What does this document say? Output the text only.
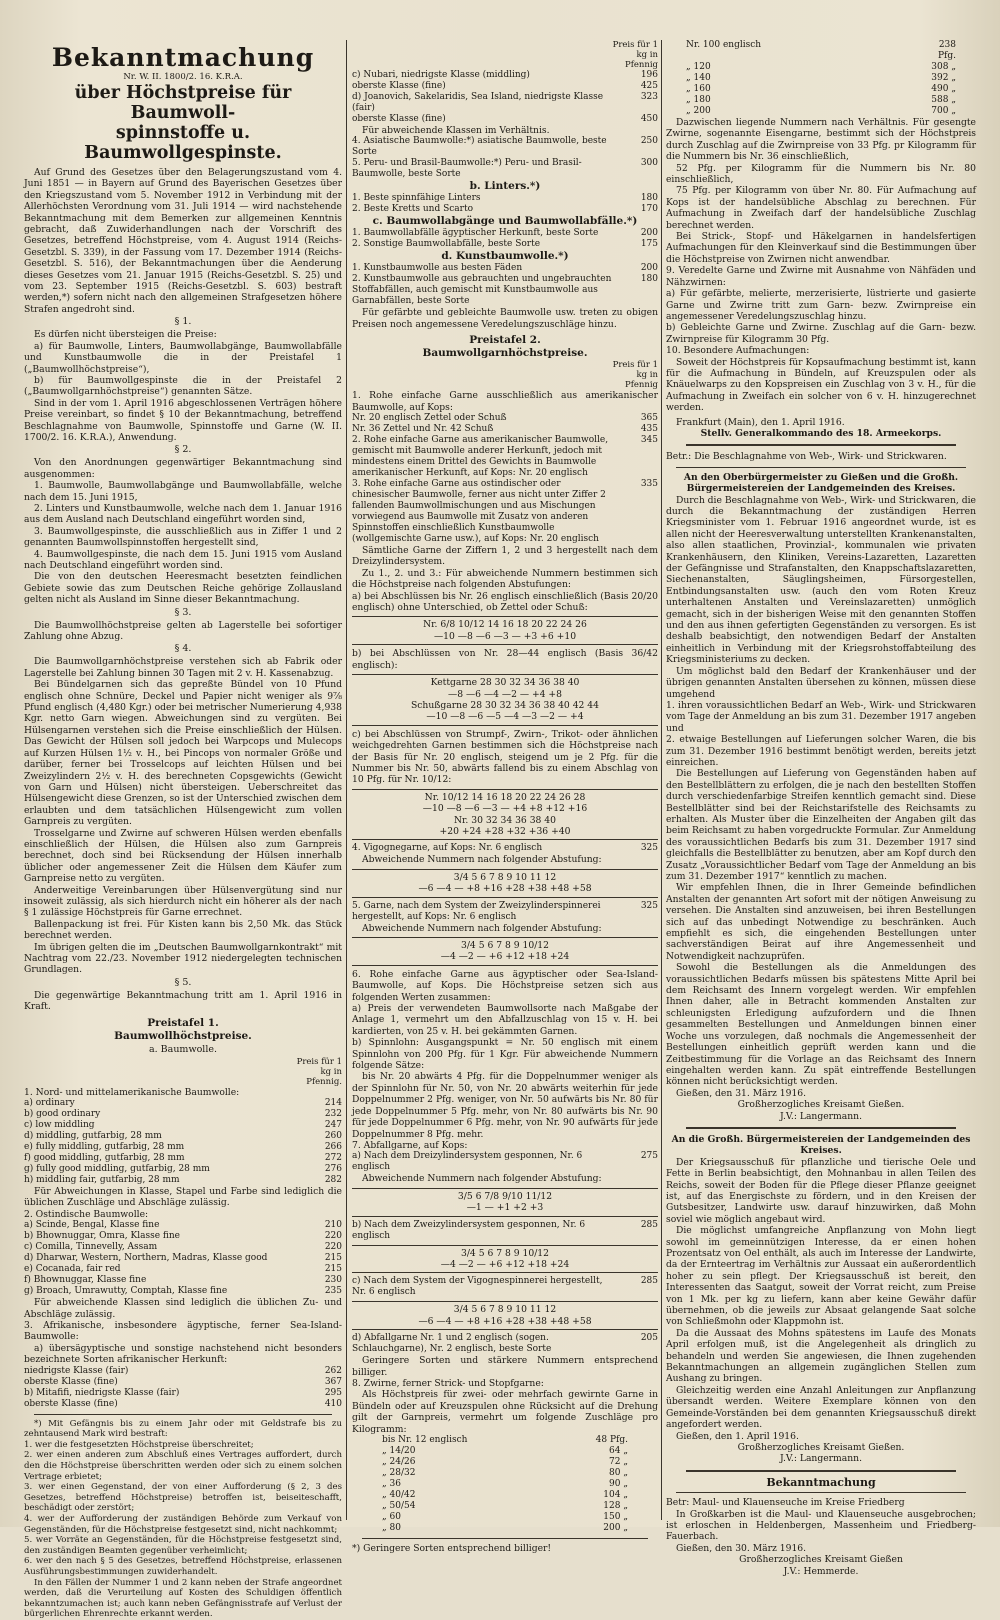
Bekanntmachung
Nr. W. II. 1800/2. 16. K.R.A.
über Höchstpreise für Baumwoll-
spinnstoffe u. Baumwollgespinste.

Auf Grund des Gesetzes über den Belagerungszustand vom 4. Juni 1851 — in Bayern auf Grund des Bayerischen Gesetzes über den Kriegszustand vom 5. November 1912 in Verbindung mit der Allerhöchsten Verordnung vom 31. Juli 1914 — wird nachstehende Bekanntmachung mit dem Bemerken zur allgemeinen Kenntnis gebracht, daß Zuwiderhandlungen nach der Vorschrift des Gesetzes, betreffend Höchstpreise, vom 4. August 1914 (Reichs-Gesetzbl. S. 339), in der Fassung vom 17. Dezember 1914 (Reichs-Gesetzbl. S. 516), der Bekanntmachungen über die Aenderung dieses Gesetzes vom 21. Januar 1915 (Reichs-Gesetzbl. S. 25) und vom 23. September 1915 (Reichs-Gesetzbl. S. 603) bestraft werden,*) sofern nicht nach den allgemeinen Strafgesetzen höhere Strafen angedroht sind.

§ 1.

Es dürfen nicht übersteigen die Preise:

a) für Baumwolle, Linters, Baumwollabgänge, Baumwollabfälle und Kunstbaumwolle die in der Preistafel 1 („Baumwollhöchstpreise“),

b) für Baumwollgespinste die in der Preistafel 2 („Baumwollgarnhöchstpreise“) genannten Sätze.

Sind in der vom 1. April 1916 abgeschlossenen Verträgen höhere Preise vereinbart, so findet § 10 der Bekanntmachung, betreffend Beschlagnahme von Baumwolle, Spinnstoffe und Garne (W. II. 1700/2. 16. K.R.A.), Anwendung.

§ 2.

Von den Anordnungen gegenwärtiger Bekanntmachung sind ausgenommen:

1. Baumwolle, Baumwollabgänge und Baumwollabfälle, welche nach dem 15. Juni 1915,

2. Linters und Kunstbaumwolle, welche nach dem 1. Januar 1916 aus dem Ausland nach Deutschland eingeführt worden sind,

3. Baumwollgespinste, die ausschließlich aus in Ziffer 1 und 2 genannten Baumwollspinnstoffen hergestellt sind,

4. Baumwollgespinste, die nach dem 15. Juni 1915 vom Ausland nach Deutschland eingeführt worden sind.

Die von den deutschen Heeresmacht besetzten feindlichen Gebiete sowie das zum Deutschen Reiche gehörige Zollausland gelten nicht als Ausland im Sinne dieser Bekanntmachung.

§ 3.

Die Baumwollhöchstpreise gelten ab Lagerstelle bei sofortiger Zahlung ohne Abzug.

§ 4.

Die Baumwollgarnhöchstpreise verstehen sich ab Fabrik oder Lagerstelle bei Zahlung binnen 30 Tagen mit 2 v. H. Kassenabzug.

Bei Bündelgarnen sich das gepreßte Bündel von 10 Pfund englisch ohne Schnüre, Deckel und Papier nicht weniger als 9⅞ Pfund englisch (4,480 Kgr.) oder bei metrischer Numerierung 4,938 Kgr. netto Garn wiegen. Abweichungen sind zu vergüten. Bei Hülsengarnen verstehen sich die Preise einschließlich der Hülsen. Das Gewicht der Hülsen soll jedoch bei Warpcops und Mulecops auf Kurzen Hülsen 1½ v. H., bei Pincops von normaler Größe und darüber, ferner bei Trosselcops auf leichten Hülsen und bei Zweizylindern 2½ v. H. des berechneten Copsgewichts (Gewicht von Garn und Hülsen) nicht übersteigen. Ueberschreitet das Hülsengewicht diese Grenzen, so ist der Unterschied zwischen dem erlaubten und dem tatsächlichen Hülsengewicht zum vollen Garnpreis zu vergüten.

Trosselgarne und Zwirne auf schweren Hülsen werden ebenfalls einschließlich der Hülsen, die Hülsen also zum Garnpreis berechnet, doch sind bei Rücksendung der Hülsen innerhalb üblicher oder angemessener Zeit die Hülsen dem Käufer zum Garnpreise netto zu vergüten.

Anderweitige Vereinbarungen über Hülsenvergütung sind nur insoweit zulässig, als sich hierdurch nicht ein höherer als der nach § 1 zulässige Höchstpreis für Garne errechnet.

Ballenpackung ist frei. Für Kisten kann bis 2,50 Mk. das Stück berechnet werden.

Im übrigen gelten die im „Deutschen Baumwollgarnkontrakt“ mit Nachtrag vom 22./23. November 1912 niedergelegten technischen Grundlagen.

§ 5.

Die gegenwärtige Bekanntmachung tritt am 1. April 1916 in Kraft.

Preistafel 1.
Baumwollhöchstpreise.
a. Baumwolle.
Preis für 1 kg in Pfennig.

1. Nord- und mittelamerikanische Baumwolle:

a) ordinary	214
b) good ordinary	232
c) low middling	247
d) middling, gutfarbig, 28 mm	260
e) fully middling, gutfarbig, 28 mm	266
f) good middling, gutfarbig, 28 mm	272
g) fully good middling, gutfarbig, 28 mm	276
h) middling fair, gutfarbig, 28 mm	282

Für Abweichungen in Klasse, Stapel und Farbe sind lediglich die üblichen Zuschläge und Abschläge zulässig.

2. Ostindische Baumwolle:

a) Scinde, Bengal, Klasse fine	210
b) Bhownuggar, Omra, Klasse fine	220
c) Comilla, Tinnevelly, Assam	220
d) Dharwar, Western, Northern, Madras, Klasse good	215
e) Cocanada, fair red	215
f) Bhownuggar, Klasse fine	230
g) Broach, Umrawutty, Comptah, Klasse fine	235

Für abweichende Klassen sind lediglich die üblichen Zu- und Abschläge zulässig.

3. Afrikanische, insbesondere ägyptische, ferner Sea-Island-Baumwolle:

a) übersägyptische und sonstige nachstehend nicht besonders bezeichnete Sorten afrikanischer Herkunft:

niedrigste Klasse (fair)	262
oberste Klasse (fine)	367
b) Mitafifi, niedrigste Klasse (fair)	295
oberste Klasse (fine)	410

*) Mit Gefängnis bis zu einem Jahr oder mit Geldstrafe bis zu zehntausend Mark wird bestraft:

1. wer die festgesetzten Höchstpreise überschreitet;

2. wer einen anderen zum Abschluß eines Vertrages auffordert, durch den die Höchstpreise überschritten werden oder sich zu einem solchen Vertrage erbietet;

3. wer einen Gegenstand, der von einer Aufforderung (§ 2, 3 des Gesetzes, betreffend Höchstpreise) betroffen ist, beiseiteschafft, beschädigt oder zerstört;

4. wer der Aufforderung der zuständigen Behörde zum Verkauf von Gegenständen, für die Höchstpreise festgesetzt sind, nicht nachkommt;

5. wer Vorräte an Gegenständen, für die Höchstpreise festgesetzt sind, den zuständigen Beamten gegenüber verheimlicht;

6. wer den nach § 5 des Gesetzes, betreffend Höchstpreise, erlassenen Ausführungsbestimmungen zuwiderhandelt.

In den Fällen der Nummer 1 und 2 kann neben der Strafe angeordnet werden, daß die Verurteilung auf Kosten des Schuldigen öffentlich bekanntzumachen ist; auch kann neben Gefängnisstrafe auf Verlust der bürgerlichen Ehrenrechte erkannt werden.

Preis für 1 kg in Pfennig
c) Nubari, niedrigste Klasse (middling)	196
oberste Klasse (fine)	425
d) Joanovich, Sakelaridis, Sea Island, niedrigste Klasse (fair)
323
oberste Klasse (fine)	450

Für abweichende Klassen im Verhältnis.

4. Asiatische Baumwolle:*) asiatische Baumwolle, beste Sorte
250
5. Peru- und Brasil-Baumwolle:*) Peru- und Brasil-Baumwolle, beste Sorte
300
b. Linters.*)
1. Beste spinnfähige Linters	180
2. Beste Kretts und Scarto	170
c. Baumwollabgänge und Baumwollabfälle.*)
1. Baumwollabfälle ägyptischer Herkunft, beste Sorte	200
2. Sonstige Baumwollabfälle, beste Sorte	175
d. Kunstbaumwolle.*)
1. Kunstbaumwolle aus besten Fäden	200
2. Kunstbaumwolle aus gebrauchten und ungebrauchten Stoffabfällen, auch gemischt mit Kunstbaumwolle aus Garnabfällen, beste Sorte
180

Für gefärbte und gebleichte Baumwolle usw. treten zu obigen Preisen noch angemessene Veredelungszuschläge hinzu.

Preistafel 2.
Baumwollgarnhöchstpreise.
Preis für 1 kg in Pfennig

1. Rohe einfache Garne ausschließlich aus amerikanischer Baumwolle, auf Kops:

Nr. 20 englisch Zettel oder Schuß	365
Nr. 36 Zettel und Nr. 42 Schuß	435
2. Rohe einfache Garne aus amerikanischer Baumwolle, gemischt mit Baumwolle anderer Herkunft, jedoch mit mindestens einem Drittel des Gewichts in Baumwolle amerikanischer Herkunft, auf Kops: Nr. 20 englisch
345
3. Rohe einfache Garne aus ostindischer oder chinesischer Baumwolle, ferner aus nicht unter Ziffer 2 fallenden Baumwollmischungen und aus Mischungen vorwiegend aus Baumwolle mit Zusatz von anderen Spinnstoffen einschließlich Kunstbaumwolle (wollgemischte Garne usw.), auf Kops: Nr. 20 englisch
335

Sämtliche Garne der Ziffern 1, 2 und 3 hergestellt nach dem Dreizylindersystem.

Zu 1., 2. und 3.: Für abweichende Nummern bestimmen sich die Höchstpreise nach folgenden Abstufungen:

a) bei Abschlüssen bis Nr. 26 englisch einschließlich (Basis 20/20 englisch) ohne Unterschied, ob Zettel oder Schuß:

Nr. 6/8 10/12 14 16 18 20 22 24 26

—10 —8 —6 —3 — +3 +6 +10

b) bei Abschlüssen von Nr. 28—44 englisch (Basis 36/42 englisch):

Kettgarne 28 30 32 34 36 38 40

—8 —6 —4 —2 — +4 +8

Schußgarne 28 30 32 34 36 38 40 42 44

—10 —8 —6 —5 —4 —3 —2 — +4

c) bei Abschlüssen von Strumpf-, Zwirn-, Trikot- oder ähnlichen weichgedrehten Garnen bestimmen sich die Höchstpreise nach der Basis für Nr. 20 englisch, steigend um je 2 Pfg. für die Nummer bis Nr. 50, abwärts fallend bis zu einem Abschlag von 10 Pfg. für Nr. 10/12:

Nr. 10/12 14 16 18 20 22 24 26 28

—10 —8 —6 —3 — +4 +8 +12 +16

Nr. 30 32 34 36 38 40

+20 +24 +28 +32 +36 +40

4. Vigognegarne, auf Kops: Nr. 6 englisch	325

Abweichende Nummern nach folgender Abstufung:

3/4 5 6 7 8 9 10 11 12

—6 —4 — +8 +16 +28 +38 +48 +58

5. Garne, nach dem System der Zweizylinderspinnerei hergestellt, auf Kops: Nr. 6 englisch
325

Abweichende Nummern nach folgender Abstufung:

3/4 5 6 7 8 9 10/12

—4 —2 — +6 +12 +18 +24

6. Rohe einfache Garne aus ägyptischer oder Sea-Island-Baumwolle, auf Kops. Die Höchstpreise setzen sich aus folgenden Werten zusammen:

a) Preis der verwendeten Baumwollsorte nach Maßgabe der Anlage 1, vermehrt um den Abfallzuschlag von 15 v. H. bei kardierten, von 25 v. H. bei gekämmten Garnen.

b) Spinnlohn: Ausgangspunkt = Nr. 50 englisch mit einem Spinnlohn von 200 Pfg. für 1 Kgr. Für abweichende Nummern folgende Sätze:

bis Nr. 20 abwärts 4 Pfg. für die Doppelnummer weniger als der Spinnlohn für Nr. 50, von Nr. 20 abwärts weiterhin für jede Doppelnummer 2 Pfg. weniger, von Nr. 50 aufwärts bis Nr. 80 für jede Doppelnummer 5 Pfg. mehr, von Nr. 80 aufwärts bis Nr. 90 für jede Doppelnummer 6 Pfg. mehr, von Nr. 90 aufwärts für jede Doppelnummer 8 Pfg. mehr.

7. Abfallgarne, auf Kops:

a) Nach dem Dreizylindersystem gesponnen, Nr. 6 englisch
275

Abweichende Nummern nach folgender Abstufung:

3/5 6 7/8 9/10 11/12

—1 — +1 +2 +3

b) Nach dem Zweizylindersystem gesponnen, Nr. 6 englisch
285

3/4 5 6 7 8 9 10/12

—4 —2 — +6 +12 +18 +24

c) Nach dem System der Vigognespinnerei hergestellt, Nr. 6 englisch
285

3/4 5 6 7 8 9 10 11 12

—6 —4 — +8 +16 +28 +38 +48 +58

d) Abfallgarne Nr. 1 und 2 englisch (sogen. Schlauchgarne), Nr. 2 englisch, beste Sorte
205

Geringere Sorten und stärkere Nummern entsprechend billiger.

8. Zwirne, ferner Strick- und Stopfgarne:

Als Höchstpreis für zwei- oder mehrfach gewirnte Garne in Bündeln oder auf Kreuzspulen ohne Rücksicht auf die Drehung gilt der Garnpreis, vermehrt um folgende Zuschläge pro Kilogramm:

bis Nr. 12 englisch	48 Pfg.
„ 14/20	64 „
„ 24/26	72 „
„ 28/32	80 „
„ 36	90 „
„ 40/42	104 „
„ 50/54	128 „
„ 60	150 „
„ 80	200 „

*) Geringere Sorten entsprechend billiger!

Nr. 100 englisch	238 Pfg.
„ 120	308 „
„ 140	392 „
„ 160	490 „
„ 180	588 „
„ 200	700 „

Dazwischen liegende Nummern nach Verhältnis. Für gesengte Zwirne, sogenannte Eisengarne, bestimmt sich der Höchstpreis durch Zuschlag auf die Zwirnpreise von 33 Pfg. pr Kilogramm für die Nummern bis Nr. 36 einschließlich,

52 Pfg. per Kilogramm für die Nummern bis Nr. 80 einschließlich,

75 Pfg. per Kilogramm von über Nr. 80. Für Aufmachung auf Kops ist der handelsübliche Abschlag zu berechnen. Für Aufmachung in Zweifach darf der handelsübliche Zuschlag berechnet werden.

Bei Strick-, Stopf- und Häkelgarnen in handelsfertigen Aufmachungen für den Kleinverkauf sind die Bestimmungen über die Höchstpreise von Zwirnen nicht anwendbar.

9. Veredelte Garne und Zwirne mit Ausnahme von Nähfäden und Nähzwirnen:

a) Für gefärbte, melierte, merzerisierte, lüstrierte und gasierte Garne und Zwirne tritt zum Garn- bezw. Zwirnpreise ein angemessener Veredelungszuschlag hinzu.

b) Gebleichte Garne und Zwirne. Zuschlag auf die Garn- bezw. Zwirnpreise für Kilogramm 30 Pfg.

10. Besondere Aufmachungen:

Soweit der Höchstpreis für Kopsaufmachung bestimmt ist, kann für die Aufmachung in Bündeln, auf Kreuzspulen oder als Knäuelwarps zu den Kopspreisen ein Zuschlag von 3 v. H., für die Aufmachung in Zweifach ein solcher von 6 v. H. hinzugerechnet werden.

Frankfurt (Main), den 1. April 1916.

Stellv. Generalkommando des 18. Armeekorps.

Betr.: Die Beschlagnahme von Web-, Wirk- und Strickwaren.

An den Oberbürgermeister zu Gießen und die Großh. Bürgermeistereien der Landgemeinden des Kreises.

Durch die Beschlagnahme von Web-, Wirk- und Strickwaren, die durch die Bekanntmachung der zuständigen Herren Kriegsminister vom 1. Februar 1916 angeordnet wurde, ist es allen nicht der Heeresverwaltung unterstellten Krankenanstalten, also allen staatlichen, Provinzial-, kommunalen wie privaten Krankenhäusern, den Kliniken, Vereins-Lazaretten, Lazaretten der Gefängnisse und Strafanstalten, den Knappschaftslazaretten, Siechenanstalten, Säuglingsheimen, Fürsorgestellen, Entbindungsanstalten usw. (auch den vom Roten Kreuz unterhaltenen Anstalten und Vereinslazaretten) unmöglich gemacht, sich in der bisherigen Weise mit den genannten Stoffen und den aus ihnen gefertigten Gegenständen zu versorgen. Es ist deshalb beabsichtigt, den notwendigen Bedarf der Anstalten einheitlich in Verbindung mit der Kriegsrohstoffabteilung des Kriegsministeriums zu decken.

Um möglichst bald den Bedarf der Krankenhäuser und der übrigen genannten Anstalten übersehen zu können, müssen diese umgehend

1. ihren voraussichtlichen Bedarf an Web-, Wirk- und Strickwaren vom Tage der Anmeldung an bis zum 31. Dezember 1917 angeben und

2. etwaige Bestellungen auf Lieferungen solcher Waren, die bis zum 31. Dezember 1916 bestimmt benötigt werden, bereits jetzt einreichen.

Die Bestellungen auf Lieferung von Gegenständen haben auf den Bestellblättern zu erfolgen, die je nach den bestellten Stoffen durch verschiedenfarbige Streifen kenntlich gemacht sind. Diese Bestellblätter sind bei der Reichstarifstelle des Reichsamts zu erhalten. Als Muster über die Einzelheiten der Angaben gilt das beim Reichsamt zu haben vorgedruckte Formular. Zur Anmeldung des voraussichtlichen Bedarfs bis zum 31. Dezember 1917 sind gleichfalls die Bestellblätter zu benutzen, aber am Kopf durch den Zusatz „Voraussichtlicher Bedarf vom Tage der Anmeldung an bis zum 31. Dezember 1917“ kenntlich zu machen.

Wir empfehlen Ihnen, die in Ihrer Gemeinde befindlichen Anstalten der genannten Art sofort mit der nötigen Anweisung zu versehen. Die Anstalten sind anzuweisen, bei ihren Bestellungen sich auf das unbedingt Notwendige zu beschränken. Auch empfiehlt es sich, die eingehenden Bestellungen unter sachverständigen Beirat auf ihre Angemessenheit und Notwendigkeit nachzuprüfen.

Sowohl die Bestellungen als die Anmeldungen des voraussichtlichen Bedarfs müssen bis spätestens Mitte April bei dem Reichsamt des Innern vorgelegt werden. Wir empfehlen Ihnen daher, alle in Betracht kommenden Anstalten zur schleunigsten Erledigung aufzufordern und die Ihnen gesammelten Bestellungen und Anmeldungen binnen einer Woche uns vorzulegen, daß nochmals die Angemessenheit der Bestellungen einheitlich geprüft werden kann und die Zeitbestimmung für die Vorlage an das Reichsamt des Innern eingehalten werden kann. Zu spät eintreffende Bestellungen können nicht berücksichtigt werden.

Gießen, den 31. März 1916.

Großherzogliches Kreisamt Gießen.

J.V.: Langermann.

An die Großh. Bürgermeistereien der Landgemeinden des Kreises.

Der Kriegsausschuß für pflanzliche und tierische Oele und Fette in Berlin beabsichtigt, den Mohnanbau in allen Teilen des Reichs, soweit der Boden für die Pflege dieser Pflanze geeignet ist, auf das Energischste zu fördern, und in den Kreisen der Gutsbesitzer, Landwirte usw. darauf hinzuwirken, daß Mohn soviel wie möglich angebaut wird.

Die möglichst umfangreiche Anpflanzung von Mohn liegt sowohl im gemeinnützigen Interesse, da er einen hohen Prozentsatz von Oel enthält, als auch im Interesse der Landwirte, da der Ernteertrag im Verhältnis zur Aussaat ein außerordentlich hoher zu sein pflegt. Der Kriegsausschuß ist bereit, den Interessenten das Saatgut, soweit der Vorrat reicht, zum Preise von 1 Mk. per kg zu liefern, kann aber keine Gewähr dafür übernehmen, ob die jeweils zur Absaat gelangende Saat solche von Schließmohn oder Klappmohn ist.

Da die Aussaat des Mohns spätestens im Laufe des Monats April erfolgen muß, ist die Angelegenheit als dringlich zu behandeln und werden Sie angewiesen, die Ihnen zugehenden Bekanntmachungen an allgemein zugänglichen Stellen zum Aushang zu bringen.

Gleichzeitig werden eine Anzahl Anleitungen zur Anpflanzung übersandt werden. Weitere Exemplare können von den Gemeinde-Vorständen bei dem genannten Kriegsausschuß direkt angefordert werden.

Gießen, den 1. April 1916.

Großherzogliches Kreisamt Gießen.

J.V.: Langermann.

Bekanntmachung

Betr: Maul- und Klauenseuche im Kreise Friedberg

In Großkarben ist die Maul- und Klauenseuche ausgebrochen; ist erloschen in Heldenbergen, Massenheim und Friedberg-Fauerbach.

Gießen, den 30. März 1916.

Großherzogliches Kreisamt Gießen

J.V.: Hemmerde.
